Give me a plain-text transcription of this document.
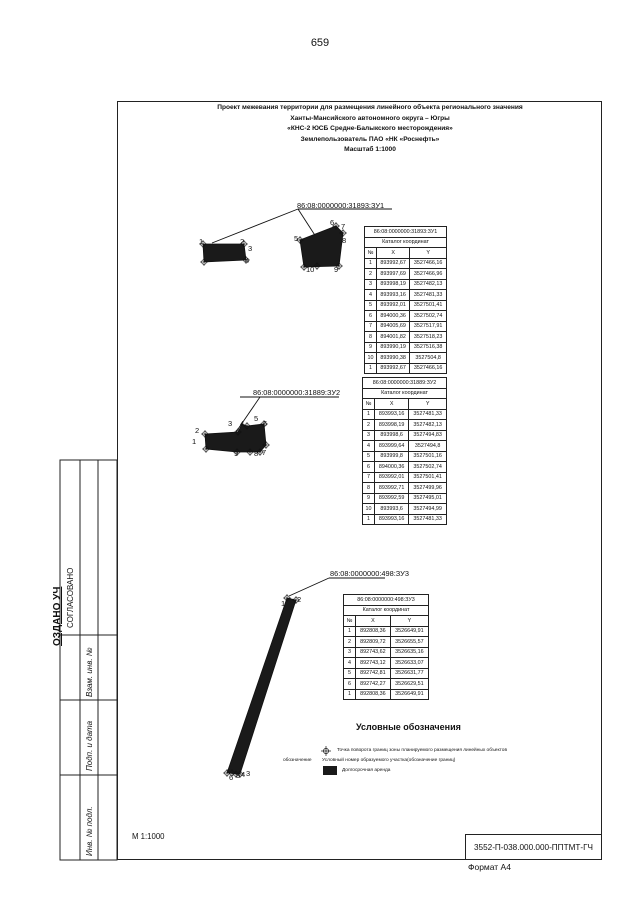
659
Проект межевания территории для размещения линейного объекта регионального значения
Ханты-Мансийского автономного округа – Югры
«КНС-2 ЮСБ Средне-Балыкского месторождения»
Землепользователь ПАО «НК «Роснефть»
Масштаб 1:1000
86:08:0000000:31893:ЗУ1
86:08:0000000:31889:ЗУ2
86:08:0000000:498:ЗУ3
1	2
3
4
5
6 7
8
9
10
1
2
3 4
5
6
7
8
9
1 2
3
4
5
6
86:08:0000000:31893:ЗУ1		
Каталог координат		
№	X	Y
1	893992,67	3527466,16
2	893997,69	3527466,96
3	893998,19	3527482,13
4	893993,16	3527481,33
5	893992,01	3527501,41
6	894000,36	3527502,74
7	894005,69	3527517,91
8	894001,82	3527518,23
9	893990,19	3527516,38
10	893990,38	3527504,8
1	893992,67	3527466,16
86:08:0000000:31889:ЗУ2		
Каталог координат		
№	X	Y
1	893993,16	3527481,33
2	893998,19	3527482,13
3	893998,6	3527494,83
4	893999,64	3527494,8
5	893999,8	3527501,16
6	894000,36	3527502,74
7	893992,01	3527501,41
8	893992,71	3527499,96
9	893992,59	3527495,01
10	893993,6	3527494,99
1	893993,16	3527481,33
86:08:0000000:498:ЗУ3		
Каталог координат		
№	X	Y
1	892808,36	3526649,91
2	892809,72	3526655,57
3	892743,62	3526635,16
4	892743,12	3526633,07
5	892742,81	3526631,77
6	892742,27	3526629,51
1	892808,36	3526649,91
Условные обозначения
Точка поворота границ зоны планируемого размещения линейных объектов
обозначение Условный номер образуемого участка(обозначение границ)
Долгосрочная аренда
ОЗДАНО УЧ СОГЛАСОВАНО
Взам. инв. №
Подп. и дата
Инв. № подл.	М 1:1000
3552-П-038.000.000-ППТМТ-ГЧ
Формат А4
